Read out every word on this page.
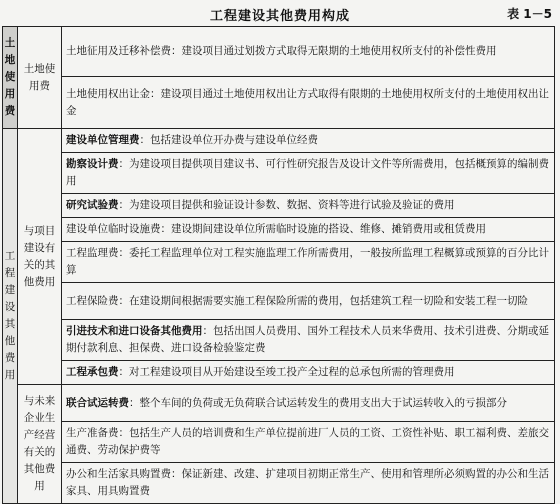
工程建设其他费用构成	表 1－5
土地使用费	土地使用费	土地征用及迁移补偿费：建设项目通过划拨方式取得无限期的土地使用权所支付的补偿性费用
		土地使用权出让金：建设项目通过土地使用权出让方式取得有限期的土地使用权所支付的土地使用权出让金
工程建设其他费用	与项目建设有关的其他费用	建设单位管理费：包括建设单位开办费与建设单位经费
		勘察设计费：为建设项目提供项目建议书、可行性研究报告及设计文件等所需费用，包括概预算的编制费用
		研究试验费：为建设项目提供和验证设计参数、数据、资料等进行试验及验证的费用
		建设单位临时设施费：建设期间建设单位所需临时设施的搭设、维修、摊销费用或租赁费用
		工程监理费：委托工程监理单位对工程实施监理工作所需费用，一般按所监理工程概算或预算的百分比计算
		工程保险费：在建设期间根据需要实施工程保险所需的费用，包括建筑工程一切险和安装工程一切险
		引进技术和进口设备其他费用：包括出国人员费用、国外工程技术人员来华费用、技术引进费、分期或延期付款利息、担保费、进口设备检验鉴定费
		工程承包费：对工程建设项目从开始建设至竣工投产全过程的总承包所需的管理费用
	与未来企业生产经营有关的其他费用	联合试运转费：整个车间的负荷或无负荷联合试运转发生的费用支出大于试运转收入的亏损部分
		生产准备费：包括生产人员的培训费和生产单位提前进厂人员的工资、工资性补贴、职工福利费、差旅交通费、劳动保护费等
		办公和生活家具购置费：保证新建、改建、扩建项目初期正常生产、使用和管理所必须购置的办公和生活家具、用具购置费
